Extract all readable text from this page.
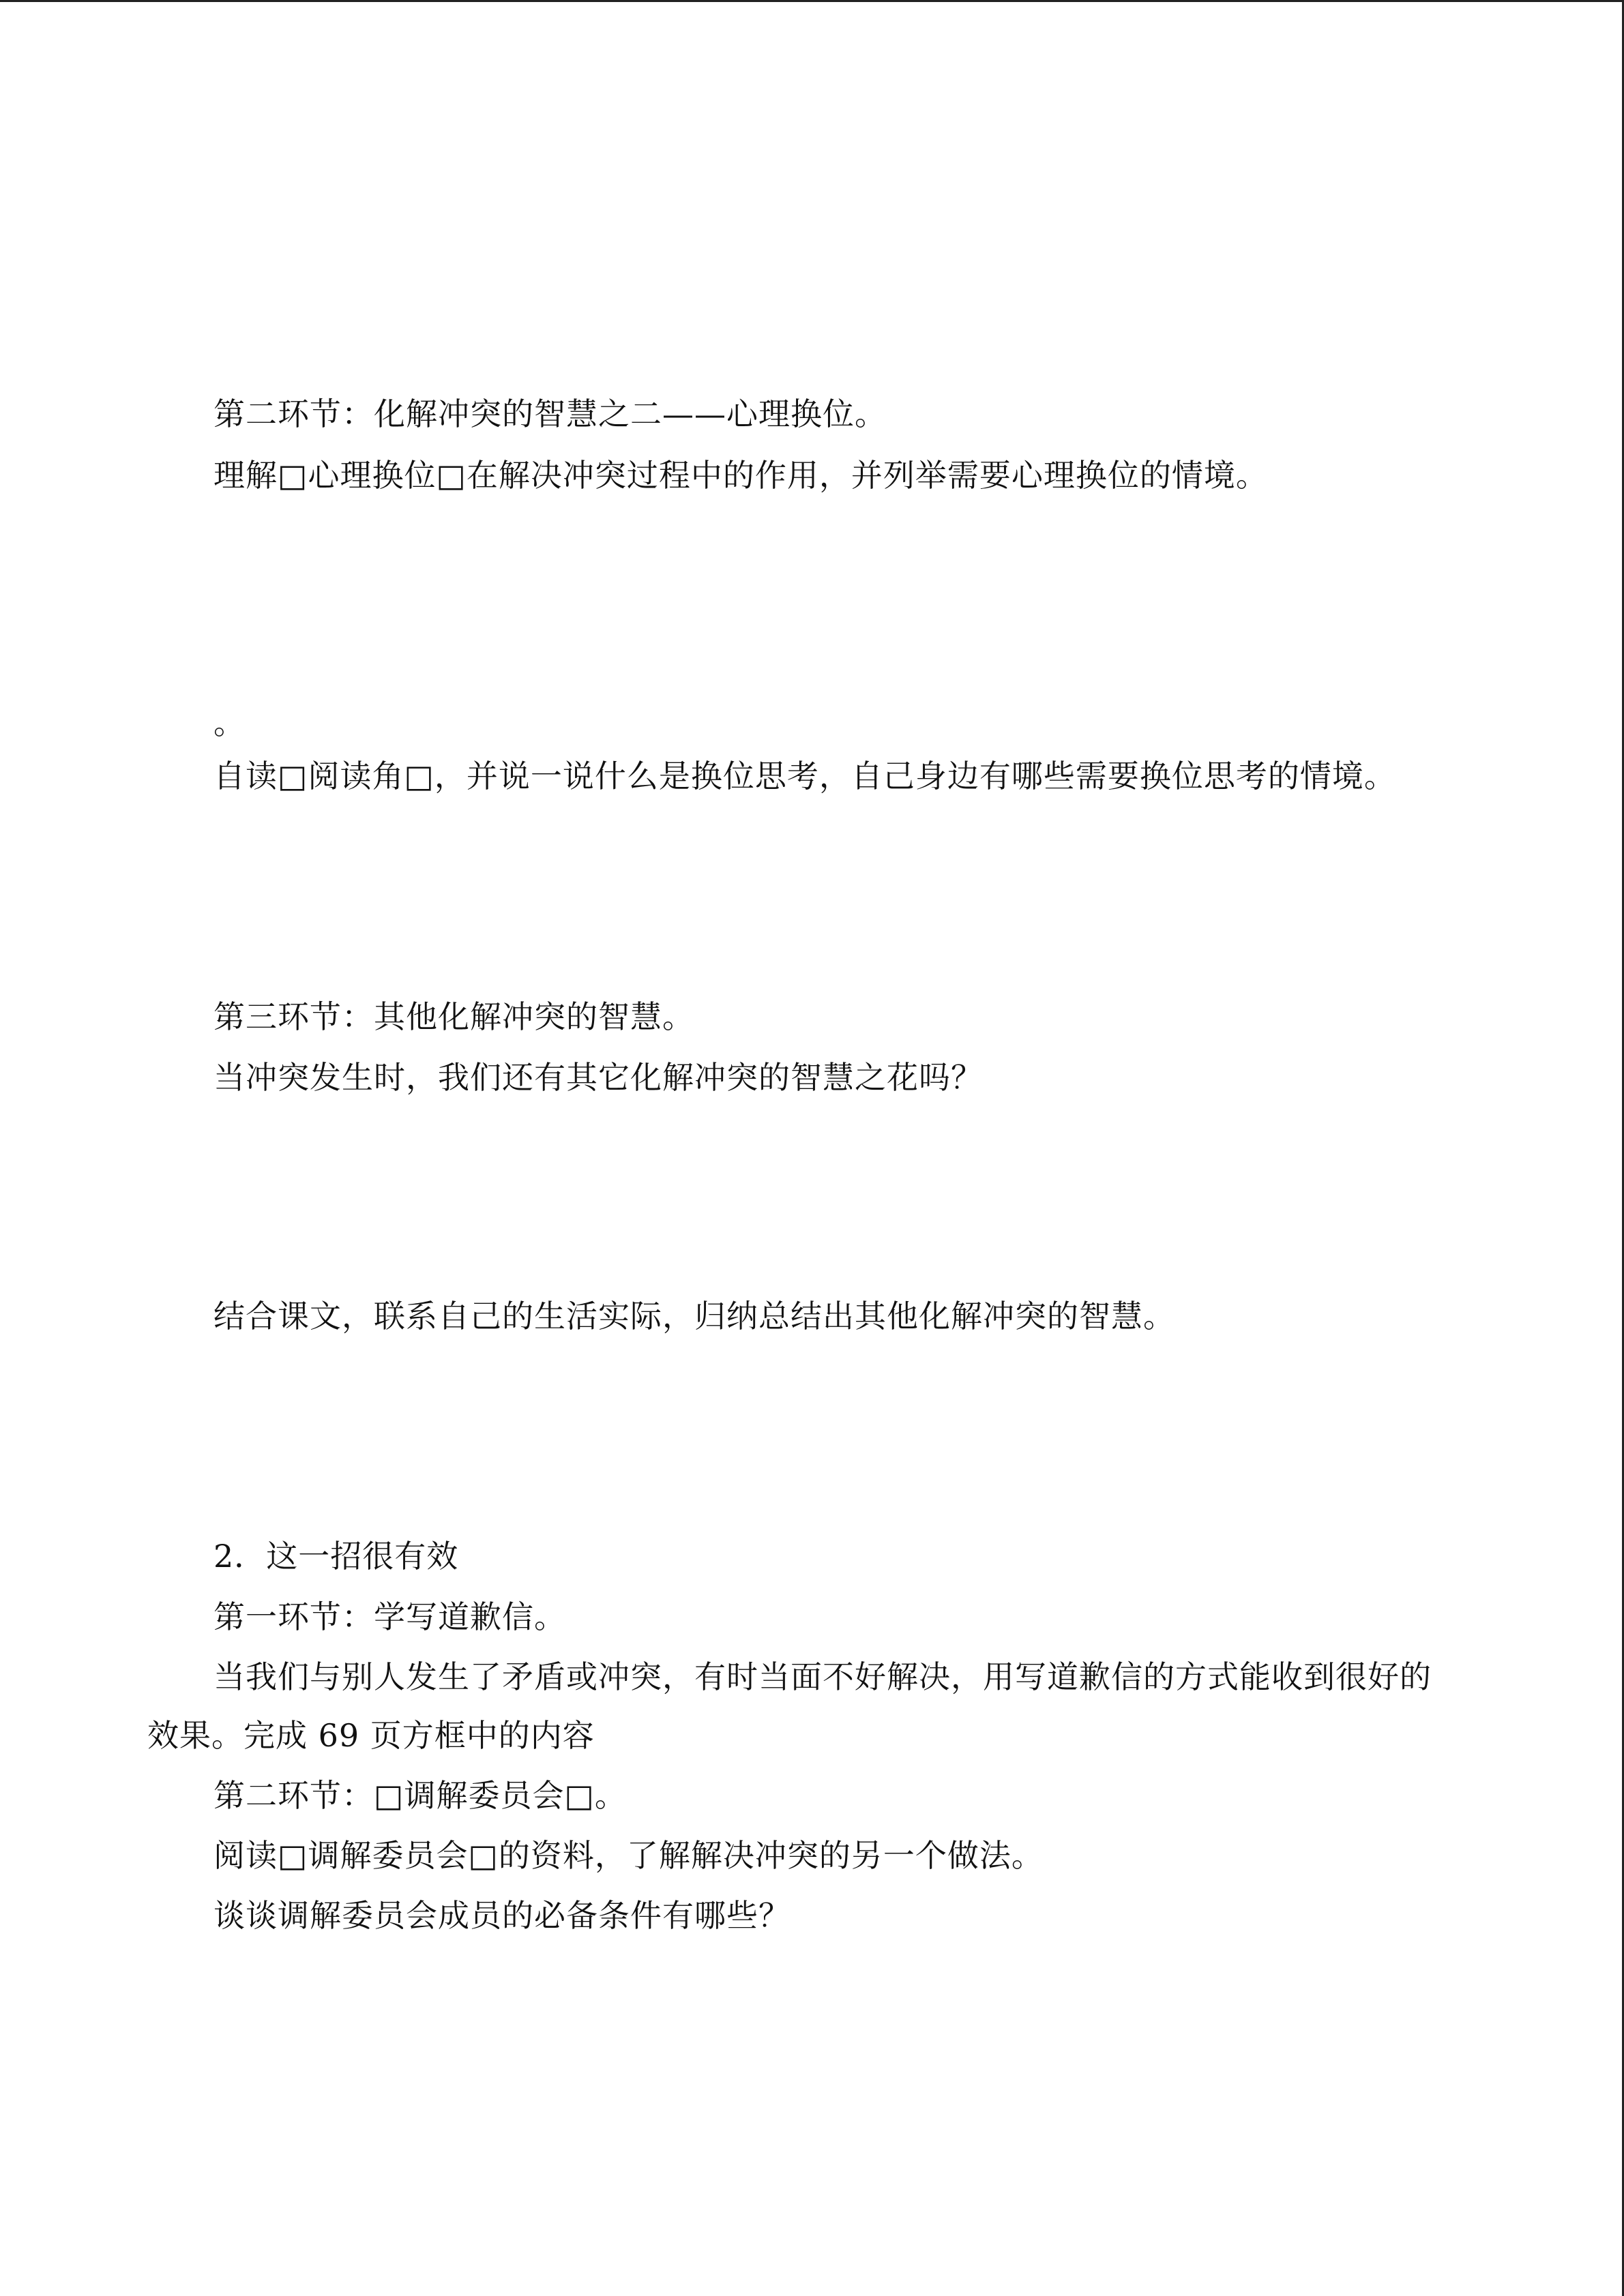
第二环节：化解冲突的智慧之二——心理换位。
理解□心理换位□在解决冲突过程中的作用，并列举需要心理换位的情境。
。
自读□阅读角□，并说一说什么是换位思考，自己身边有哪些需要换位思考的情境。
第三环节：其他化解冲突的智慧。
当冲突发生时，我们还有其它化解冲突的智慧之花吗？
结合课文，联系自己的生活实际，归纳总结出其他化解冲突的智慧。
2．这一招很有效
第一环节：学写道歉信。
当我们与别人发生了矛盾或冲突，有时当面不好解决，用写道歉信的方式能收到很好的
效果。完成 69 页方框中的内容
第二环节：□调解委员会□。
阅读□调解委员会□的资料，了解解决冲突的另一个做法。
谈谈调解委员会成员的必备条件有哪些？
